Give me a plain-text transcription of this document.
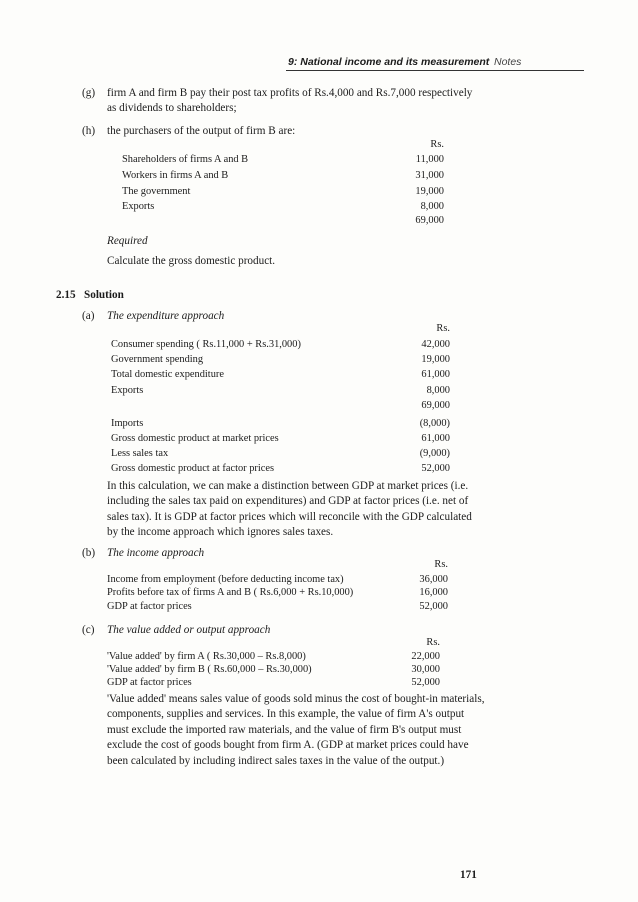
9: National income and its measurement Notes
(g) firm A and firm B pay their post tax profits of Rs.4,000 and Rs.7,000 respectively
as dividends to shareholders;
(h) the purchasers of the output of firm B are:
Rs.
Shareholders of firms A and B	11,000
Workers in firms A and B	31,000
The government	19,000
Exports	8,000
69,000
Required
Calculate the gross domestic product.
2.15 Solution
(a) The expenditure approach
Rs.
Consumer spending ( Rs.11,000 + Rs.31,000)	42,000
Government spending	19,000
Total domestic expenditure	61,000
Exports	8,000
69,000
Imports	(8,000)
Gross domestic product at market prices	61,000
Less sales tax	(9,000)
Gross domestic product at factor prices	52,000
In this calculation, we can make a distinction between GDP at market prices (i.e.
including the sales tax paid on expenditures) and GDP at factor prices (i.e. net of
sales tax). It is GDP at factor prices which will reconcile with the GDP calculated
by the income approach which ignores sales taxes.
(b) The income approach
Rs.
Income from employment (before deducting income tax)	36,000
Profits before tax of firms A and B ( Rs.6,000 + Rs.10,000)	16,000
GDP at factor prices	52,000
(c) The value added or output approach
Rs.
'Value added' by firm A ( Rs.30,000 – Rs.8,000)	22,000
'Value added' by firm B ( Rs.60,000 – Rs.30,000)	30,000
GDP at factor prices	52,000
'Value added' means sales value of goods sold minus the cost of bought-in materials,
components, supplies and services. In this example, the value of firm A's output
must exclude the imported raw materials, and the value of firm B's output must
exclude the cost of goods bought from firm A. (GDP at market prices could have
been calculated by including indirect sales taxes in the value of the output.)
171
